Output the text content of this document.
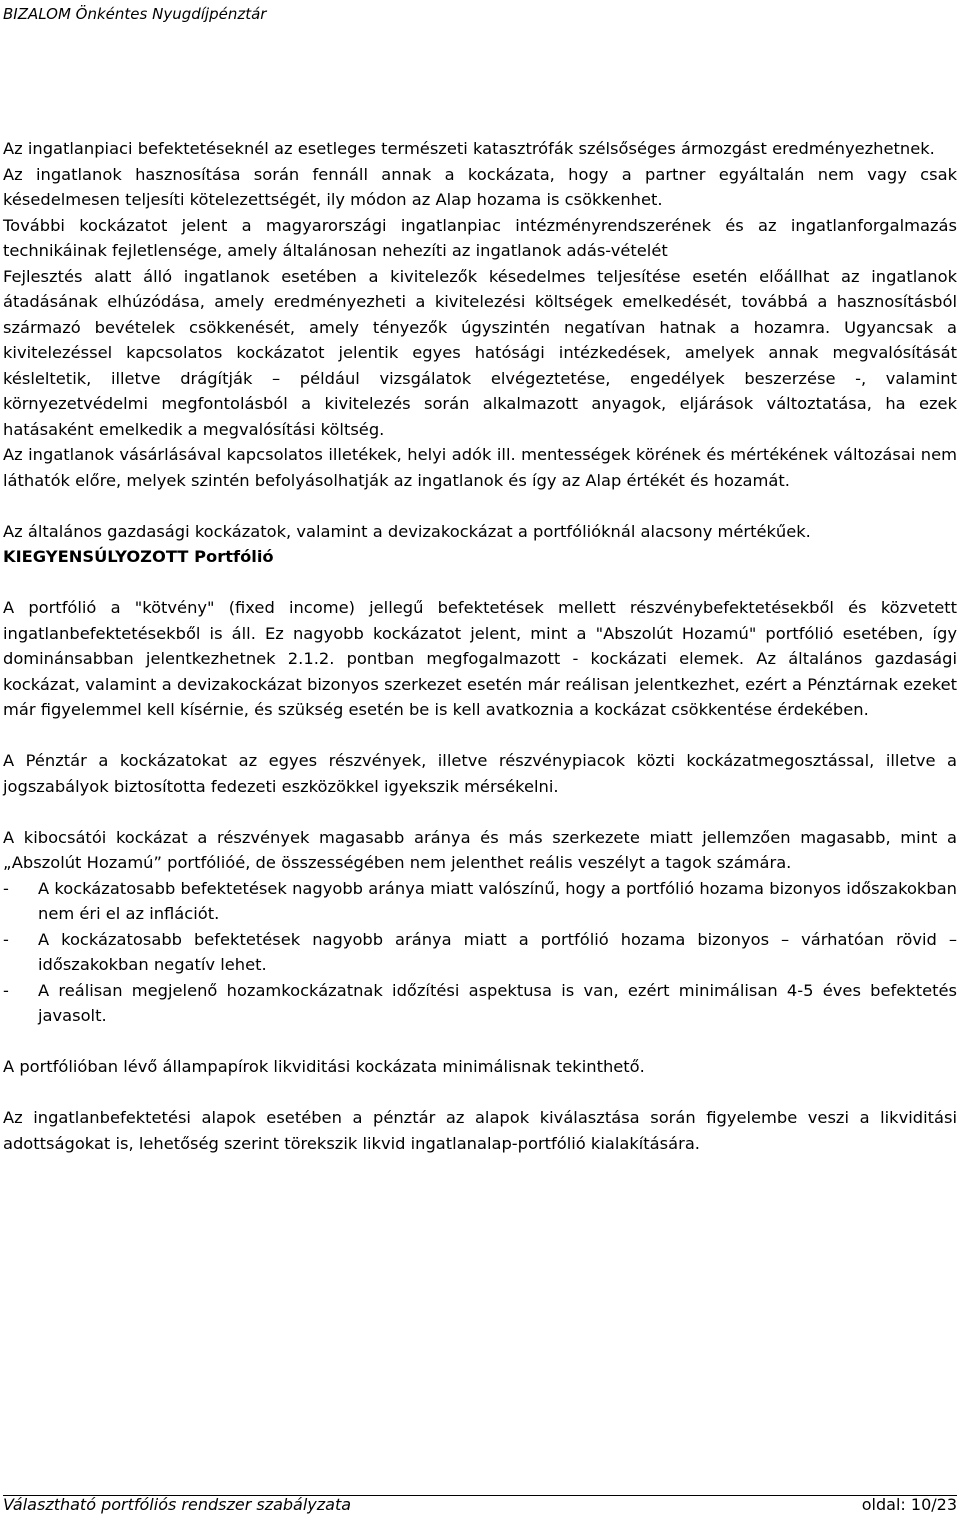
BIZALOM Önkéntes Nyugdíjpénztár

Az ingatlanpiaci befektetéseknél az esetleges természeti katasztrófák szélsőséges ármozgást eredményezhetnek.

Az ingatlanok hasznosítása során fennáll annak a kockázata, hogy a partner egyáltalán nem vagy csak késedelmesen teljesíti kötelezettségét, ily módon az Alap hozama is csökkenhet.

További kockázatot jelent a magyarországi ingatlanpiac intézményrendszerének és az ingatlanforgalmazás technikáinak fejletlensége, amely általánosan nehezíti az ingatlanok adás-vételét

Fejlesztés alatt álló ingatlanok esetében a kivitelezők késedelmes teljesítése esetén előállhat az ingatlanok átadásának elhúzódása, amely eredményezheti a kivitelezési költségek emelkedését, továbbá a hasznosításból származó bevételek csökkenését, amely tényezők úgyszintén negatívan hatnak a hozamra. Ugyancsak a kivitelezéssel kapcsolatos kockázatot jelentik egyes hatósági intézkedések, amelyek annak megvalósítását késleltetik, illetve drágítják – például vizsgálatok elvégeztetése, engedélyek beszerzése -, valamint környezetvédelmi megfontolásból a kivitelezés során alkalmazott anyagok, eljárások változtatása, ha ezek hatásaként emelkedik a megvalósítási költség.

Az ingatlanok vásárlásával kapcsolatos illetékek, helyi adók ill. mentességek körének és mértékének változásai nem láthatók előre, melyek szintén befolyásolhatják az ingatlanok és így az Alap értékét és hozamát.

Az általános gazdasági kockázatok, valamint a devizakockázat a portfólióknál alacsony mértékűek.

KIEGYENSÚLYOZOTT Portfólió

A portfólió a "kötvény" (fixed income) jellegű befektetések mellett részvénybefektetésekből és közvetett ingatlanbefektetésekből is áll. Ez nagyobb kockázatot jelent, mint a "Abszolút Hozamú" portfólió esetében, így dominánsabban jelentkezhetnek 2.1.2. pontban megfogalmazott - kockázati elemek. Az általános gazdasági kockázat, valamint a devizakockázat bizonyos szerkezet esetén már reálisan jelentkezhet, ezért a Pénztárnak ezeket már figyelemmel kell kísérnie, és szükség esetén be is kell avatkoznia a kockázat csökkentése érdekében.

A Pénztár a kockázatokat az egyes részvények, illetve részvénypiacok közti kockázatmegosztással, illetve a jogszabályok biztosította fedezeti eszközökkel igyekszik mérsékelni.

A kibocsátói kockázat a részvények magasabb aránya és más szerkezete miatt jellemzően magasabb, mint a „Abszolút Hozamú” portfólióé, de összességében nem jelenthet reális veszélyt a tagok számára.

- A kockázatosabb befektetések nagyobb aránya miatt valószínű, hogy a portfólió hozama bizonyos időszakokban nem éri el az inflációt.
- A kockázatosabb befektetések nagyobb aránya miatt a portfólió hozama bizonyos – várhatóan rövid – időszakokban negatív lehet.
- A reálisan megjelenő hozamkockázatnak időzítési aspektusa is van, ezért minimálisan 4-5 éves befektetés javasolt.

A portfólióban lévő állampapírok likviditási kockázata minimálisnak tekinthető.

Az ingatlanbefektetési alapok esetében a pénztár az alapok kiválasztása során figyelembe veszi a likviditási adottságokat is, lehetőség szerint törekszik likvid ingatlanalap-portfólió kialakítására.

Választható portfóliós rendszer szabályzata	oldal: 10/23
